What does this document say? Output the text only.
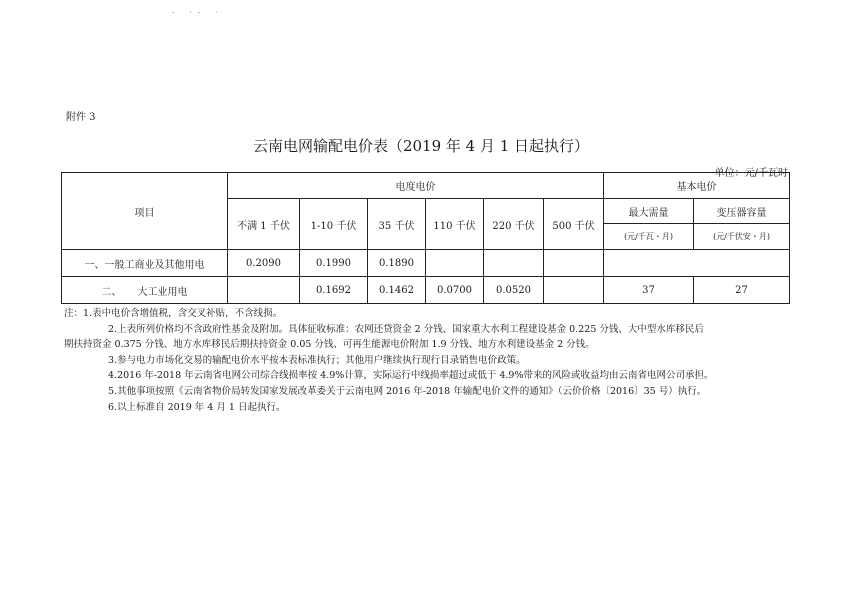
- ·- ·
附件 3
云南电网输配电价表（2019 年 4 月 1 日起执行）
单位：元/千瓦时
项目	电度电价						基本电价	
	不满 1 千伏	1-10 千伏	35 千伏	110 千伏	220 千伏	500 千伏	最大需量	变压器容量
							(元/千瓦・月)	(元/千伏安・月)
一、一般工商业及其他用电	0.2090	0.1990	0.1890					
二、     大工业用电		0.1692	0.1462	0.0700	0.0520		37	27

注：1.表中电价含增值税，含交叉补贴，不含线损。

2.上表所列价格均不含政府性基金及附加。具体征收标准：农网还贷资金 2 分钱、国家重大水利工程建设基金 0.225 分钱、大中型水库移民后

期扶持资金 0.375 分钱、地方水库移民后期扶持资金 0.05 分钱、可再生能源电价附加 1.9 分钱、地方水利建设基金 2 分钱。

3.参与电力市场化交易的输配电价水平按本表标准执行；其他用户继续执行现行目录销售电价政策。

4.2016 年-2018 年云南省电网公司综合线损率按 4.9%计算，实际运行中线损率超过或低于 4.9%带来的风险或收益均由云南省电网公司承担。

5.其他事项按照《云南省物价局转发国家发展改革委关于云南电网 2016 年-2018 年输配电价文件的通知》（云价价格〔2016〕35 号）执行。

6.以上标准自 2019 年 4 月 1 日起执行。
